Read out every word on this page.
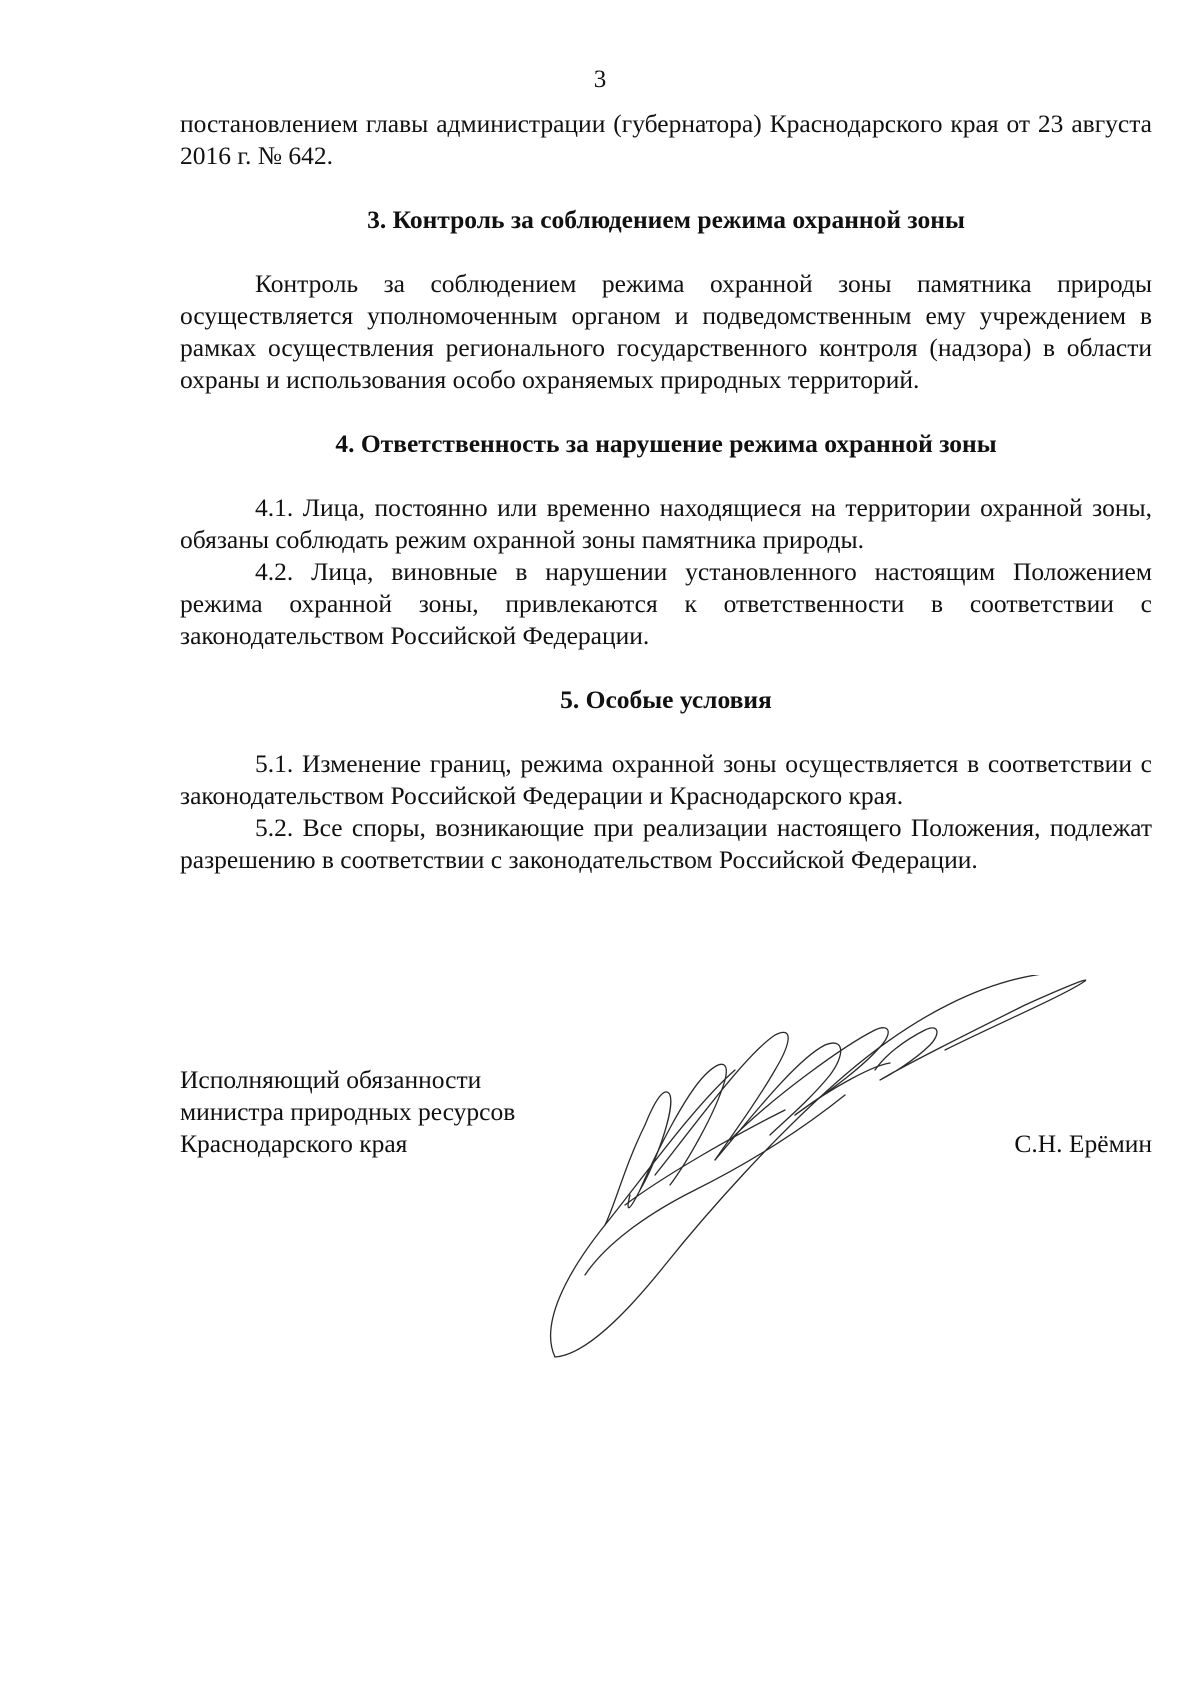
3

постановлением главы администрации (губернатора) Краснодарского края от 23 августа 2016 г. № 642.

3. Контроль за соблюдением режима охранной зоны

Контроль за соблюдением режима охранной зоны памятника природы осуществляется уполномоченным органом и подведомственным ему учреждением в рамках осуществления регионального государственного контроля (надзора) в области охраны и использования особо охраняемых природных территорий.

4. Ответственность за нарушение режима охранной зоны

4.1. Лица, постоянно или временно находящиеся на территории охранной зоны, обязаны соблюдать режим охранной зоны памятника природы.

4.2. Лица, виновные в нарушении установленного настоящим Положением режима охранной зоны, привлекаются к ответственности в соответствии с законодательством Российской Федерации.

5. Особые условия

5.1. Изменение границ, режима охранной зоны осуществляется в соответствии с законодательством Российской Федерации и Краснодарского края.

5.2. Все споры, возникающие при реализации настоящего Положения, подлежат разрешению в соответствии с законодательством Российской Федерации.

Исполняющий обязанности
министра природных ресурсов
Краснодарского края	С.Н. Ерёмин
